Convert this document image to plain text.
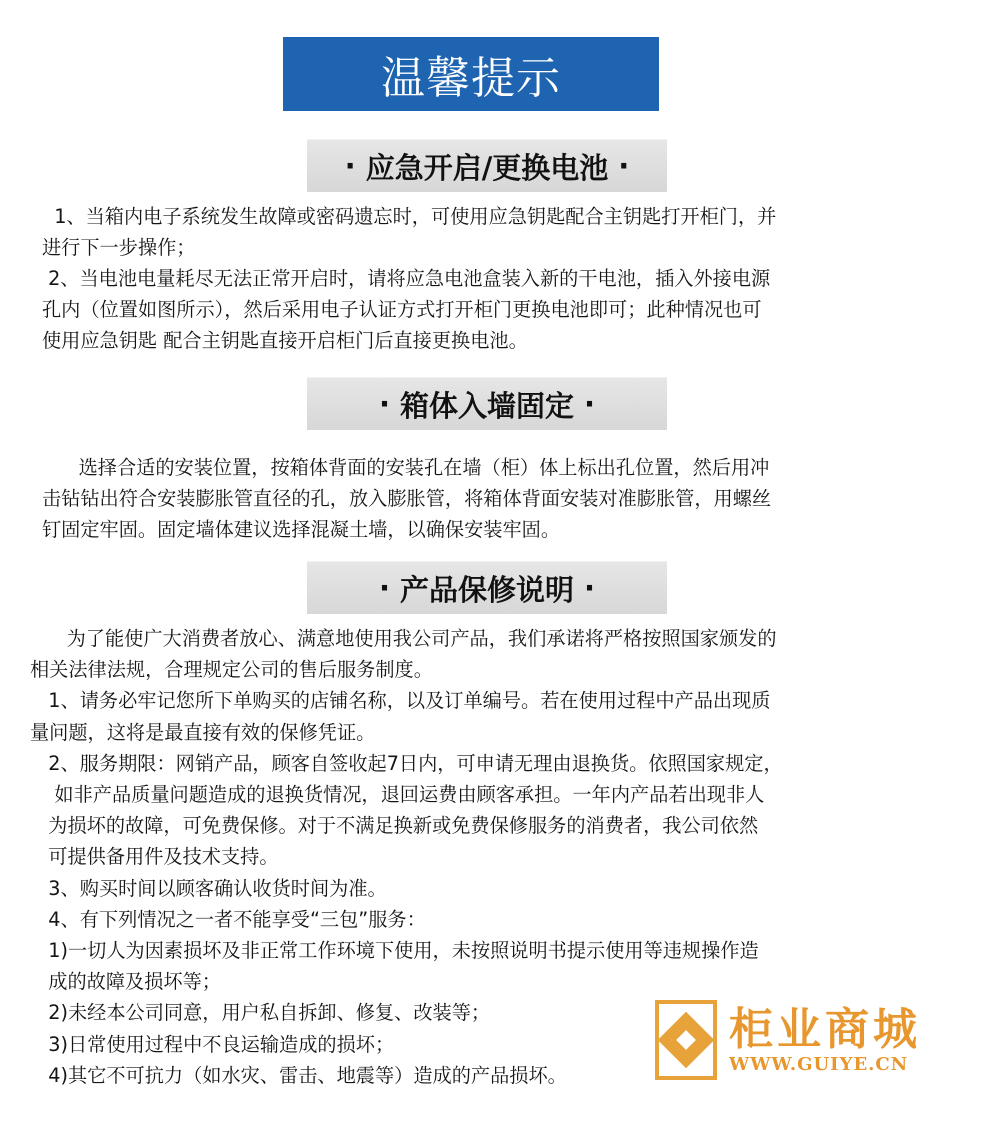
温馨提示
· 应急开启/更换电池 ·
1、当箱内电子系统发生故障或密码遗忘时，可使用应急钥匙配合主钥匙打开柜门，并
进行下一步操作；
2、当电池电量耗尽无法正常开启时，请将应急电池盒装入新的干电池，插入外接电源
孔内（位置如图所示），然后采用电子认证方式打开柜门更换电池即可；此种情况也可
使用应急钥匙 配合主钥匙直接开启柜门后直接更换电池。
· 箱体入墙固定 ·
选择合适的安装位置，按箱体背面的安装孔在墙（柜）体上标出孔位置，然后用冲
击钻钻出符合安装膨胀管直径的孔，放入膨胀管，将箱体背面安装对准膨胀管，用螺丝
钉固定牢固。固定墙体建议选择混凝土墙，以确保安装牢固。
· 产品保修说明 ·
为了能使广大消费者放心、满意地使用我公司产品，我们承诺将严格按照国家颁发的
相关法律法规，合理规定公司的售后服务制度。
1、请务必牢记您所下单购买的店铺名称，以及订单编号。若在使用过程中产品出现质
量问题，这将是最直接有效的保修凭证。
2、服务期限：网销产品，顾客自签收起7日内，可申请无理由退换货。依照国家规定，
如非产品质量问题造成的退换货情况，退回运费由顾客承担。一年内产品若出现非人
为损坏的故障，可免费保修。对于不满足换新或免费保修服务的消费者，我公司依然
可提供备用件及技术支持。
3、购买时间以顾客确认收货时间为准。
4、有下列情况之一者不能享受“三包”服务：
1)一切人为因素损坏及非正常工作环境下使用，未按照说明书提示使用等违规操作造
成的故障及损坏等；
2)未经本公司同意，用户私自拆卸、修复、改装等；
3)日常使用过程中不良运输造成的损坏；
4)其它不可抗力（如水灾、雷击、地震等）造成的产品损坏。
柜业商城
WWW.GUIYE.CN
